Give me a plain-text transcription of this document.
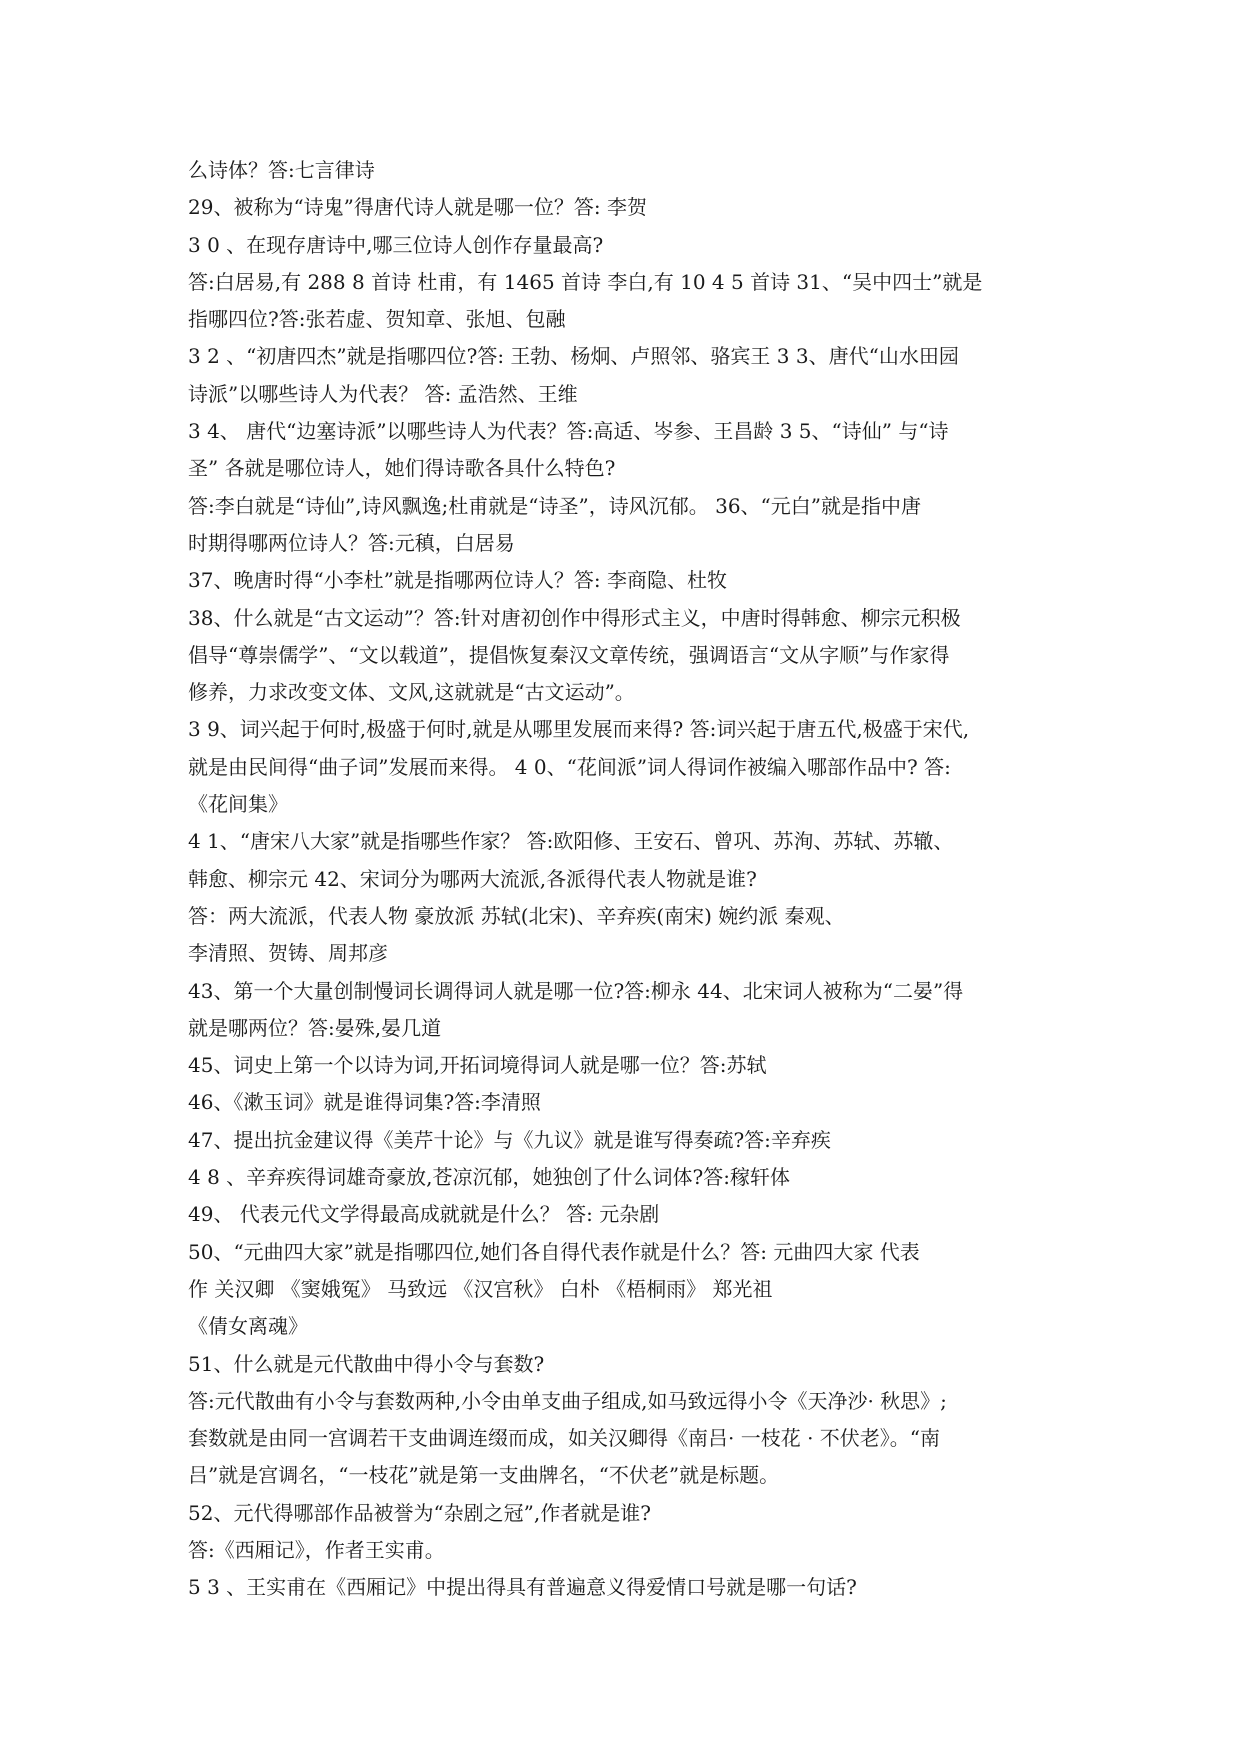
么诗体？答:七言律诗
29、被称为“诗鬼”得唐代诗人就是哪一位？答: 李贺
3 0 、在现存唐诗中,哪三位诗人创作存量最高?
答:白居易,有 288 8 首诗 杜甫，有 1465 首诗 李白,有 10 4 5 首诗 31、“吴中四士”就是
指哪四位?答:张若虚、贺知章、张旭、包融
3 2 、“初唐四杰”就是指哪四位?答: 王勃、杨炯、卢照邻、骆宾王 3 3、唐代“山水田园
诗派”以哪些诗人为代表？ 答: 孟浩然、王维
3 4、 唐代“边塞诗派”以哪些诗人为代表？答:高适、岑参、王昌龄 3 5、“诗仙” 与“诗
圣” 各就是哪位诗人，她们得诗歌各具什么特色?
答:李白就是“诗仙”,诗风飘逸;杜甫就是“诗圣”，诗风沉郁。 36、“元白”就是指中唐
时期得哪两位诗人？答:元稹，白居易
37、晚唐时得“小李杜”就是指哪两位诗人？答: 李商隐、杜牧
38、什么就是“古文运动”？答:针对唐初创作中得形式主义，中唐时得韩愈、柳宗元积极
倡导“尊崇儒学”、“文以载道”，提倡恢复秦汉文章传统，强调语言“文从字顺”与作家得
修养，力求改变文体、文风,这就就是“古文运动”。
3 9、词兴起于何时,极盛于何时,就是从哪里发展而来得? 答:词兴起于唐五代,极盛于宋代,
就是由民间得“曲子词”发展而来得。 4 0、“花间派”词人得词作被编入哪部作品中? 答:
《花间集》
4 1、“唐宋八大家”就是指哪些作家？ 答:欧阳修、王安石、曾巩、苏洵、苏轼、苏辙、
韩愈、柳宗元 42、宋词分为哪两大流派,各派得代表人物就是谁?
答：两大流派，代表人物 豪放派 苏轼(北宋)、辛弃疾(南宋) 婉约派 秦观、
李清照、贺铸、周邦彦
43、第一个大量创制慢词长调得词人就是哪一位?答:柳永 44、北宋词人被称为“二晏”得
就是哪两位？答:晏殊,晏几道
45、词史上第一个以诗为词,开拓词境得词人就是哪一位？答:苏轼
46、《漱玉词》就是谁得词集?答:李清照
47、提出抗金建议得《美芹十论》与《九议》就是谁写得奏疏?答:辛弃疾
4 8 、辛弃疾得词雄奇豪放,苍凉沉郁，她独创了什么词体?答:稼轩体
49、 代表元代文学得最高成就就是什么？ 答: 元杂剧
50、“元曲四大家”就是指哪四位,她们各自得代表作就是什么？答: 元曲四大家 代表
作 关汉卿 《窦娥冤》 马致远 《汉宫秋》 白朴 《梧桐雨》 郑光祖
《倩女离魂》
51、什么就是元代散曲中得小令与套数?
答:元代散曲有小令与套数两种,小令由单支曲子组成,如马致远得小令《天净沙· 秋思》;
套数就是由同一宫调若干支曲调连缀而成，如关汉卿得《南吕· 一枝花 · 不伏老》。“南
吕”就是宫调名，“一枝花”就是第一支曲牌名，“不伏老”就是标题。
52、元代得哪部作品被誉为“杂剧之冠”,作者就是谁?
答:《西厢记》，作者王实甫。
5 3 、王实甫在《西厢记》中提出得具有普遍意义得爱情口号就是哪一句话?
